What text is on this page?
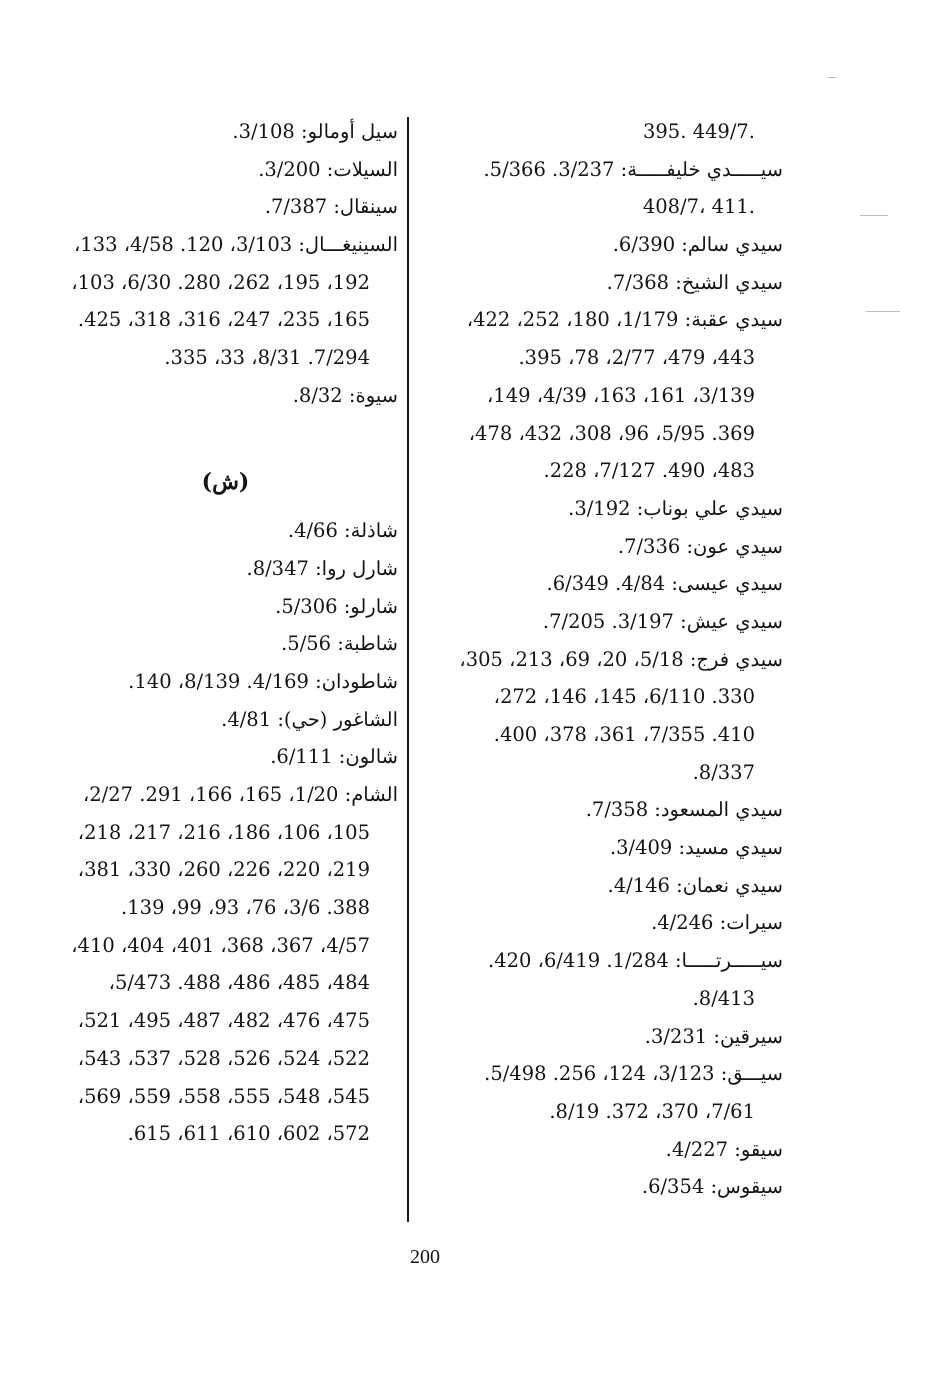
.449/7 .395
سيـــــدي خليفـــــة: 3/237. 5/366.
.411 ،408/7
سيدي سالم: 6/390.
سيدي الشيخ: 7/368.
سيدي عقبة: 1/179، 180، 252، 422،
443، 479، 2/77، 78، 395.
3/139، 161، 163، 4/39، 149،
369. 5/95، 96، 308، 432، 478،
483، 490. 7/127، 228.
سيدي علي بوناب: 3/192.
سيدي عون: 7/336.
سيدي عيسى: 4/84. 6/349.
سيدي عيش: 3/197. 7/205.
سيدي فرج: 5/18، 20، 69، 213، 305،
330. 6/110، 145، 146، 272،
410. 7/355، 361، 378، 400.
8/337.
سيدي المسعود: 7/358.
سيدي مسيد: 3/409.
سيدي نعمان: 4/146.
سيرات: 4/246.
سيـــــرتـــــا: 1/284. 6/419، 420.
8/413.
سيرقين: 3/231.
سيـــق: 3/123، 124، 256. 5/498.
7/61، 370، 372. 8/19.
سيقو: 4/227.
سيقوس: 6/354.
سيل أومالو: 3/108.
السيلات: 3/200.
سينقال: 7/387.
السينيغـــال: 3/103، 120. 4/58، 133،
192، 195، 262، 280. 6/30، 103،
165، 235، 247، 316، 318، 425.
7/294. 8/31، 33، 335.
سيوة: 8/32.
(ش)
شاذلة: 4/66.
شارل روا: 8/347.
شارلو: 5/306.
شاطبة: 5/56.
شاطودان: 4/169. 8/139، 140.
الشاغور (حي): 4/81.
شالون: 6/111.
الشام: 1/20، 165، 166، 291. 2/27،
105، 106، 186، 216، 217، 218،
219، 220، 226، 260، 330، 381،
388. 3/6، 76، 93، 99، 139.
4/57، 367، 368، 401، 404، 410،
484، 485، 486، 488. 5/473،
475، 476، 482، 487، 495، 521،
522، 524، 526، 528، 537، 543،
545، 548، 555، 558، 559، 569،
572، 602، 610، 611، 615.
200
